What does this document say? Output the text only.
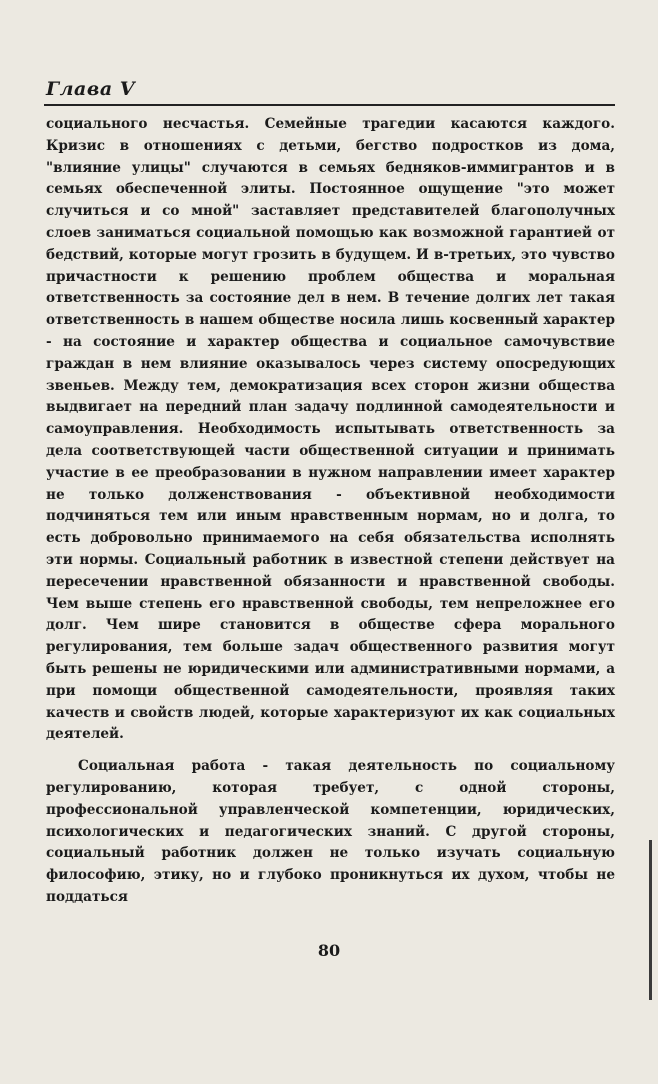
Глава V

социального несчастья. Семейные трагедии касаются каждого. Кризис в отношениях с детьми, бегство подростков из дома, "влияние улицы" случаются в семьях бедняков-иммигрантов и в семьях обеспеченной элиты. Постоянное ощущение "это может случиться и со мной" заставляет представителей благополучных слоев заниматься социальной помощью как возможной гарантией от бедствий, которые могут грозить в будущем. И в-третьих, это чувство причастности к решению проблем общества и моральная ответственность за состояние дел в нем. В течение долгих лет такая ответственность в нашем обществе носила лишь косвенный характер - на состояние и характер общества и социальное самочувствие граждан в нем влияние оказывалось через систему опосредующих звеньев. Между тем, демократизация всех сторон жизни общества выдвигает на передний план задачу подлинной самодеятельности и самоуправления. Необходимость испытывать ответственность за дела соответствующей части общественной ситуации и принимать участие в ее преобразовании в нужном направлении имеет характер не только долженствования - объективной необходимости подчиняться тем или иным нравственным нормам, но и долга, то есть добровольно принимаемого на себя обязательства исполнять эти нормы. Социальный работник в известной степени действует на пересечении нравственной обязанности и нравственной свободы. Чем выше степень его нравственной свободы, тем непреложнее его долг. Чем шире становится в обществе сфера морального регулирования, тем больше задач общественного развития могут быть решены не юридическими или административными нормами, а при помощи общественной самодеятельности, проявляя таких качеств и свойств людей, которые характеризуют их как социальных деятелей.

Социальная работа - такая деятельность по социальному регулированию, которая требует, с одной стороны, профессиональной управленческой компетенции, юридических, психологических и педагогических знаний. С другой стороны, социальный работник должен не только изучать социальную философию, этику, но и глубоко проникнуться их духом, чтобы не поддаться

80
